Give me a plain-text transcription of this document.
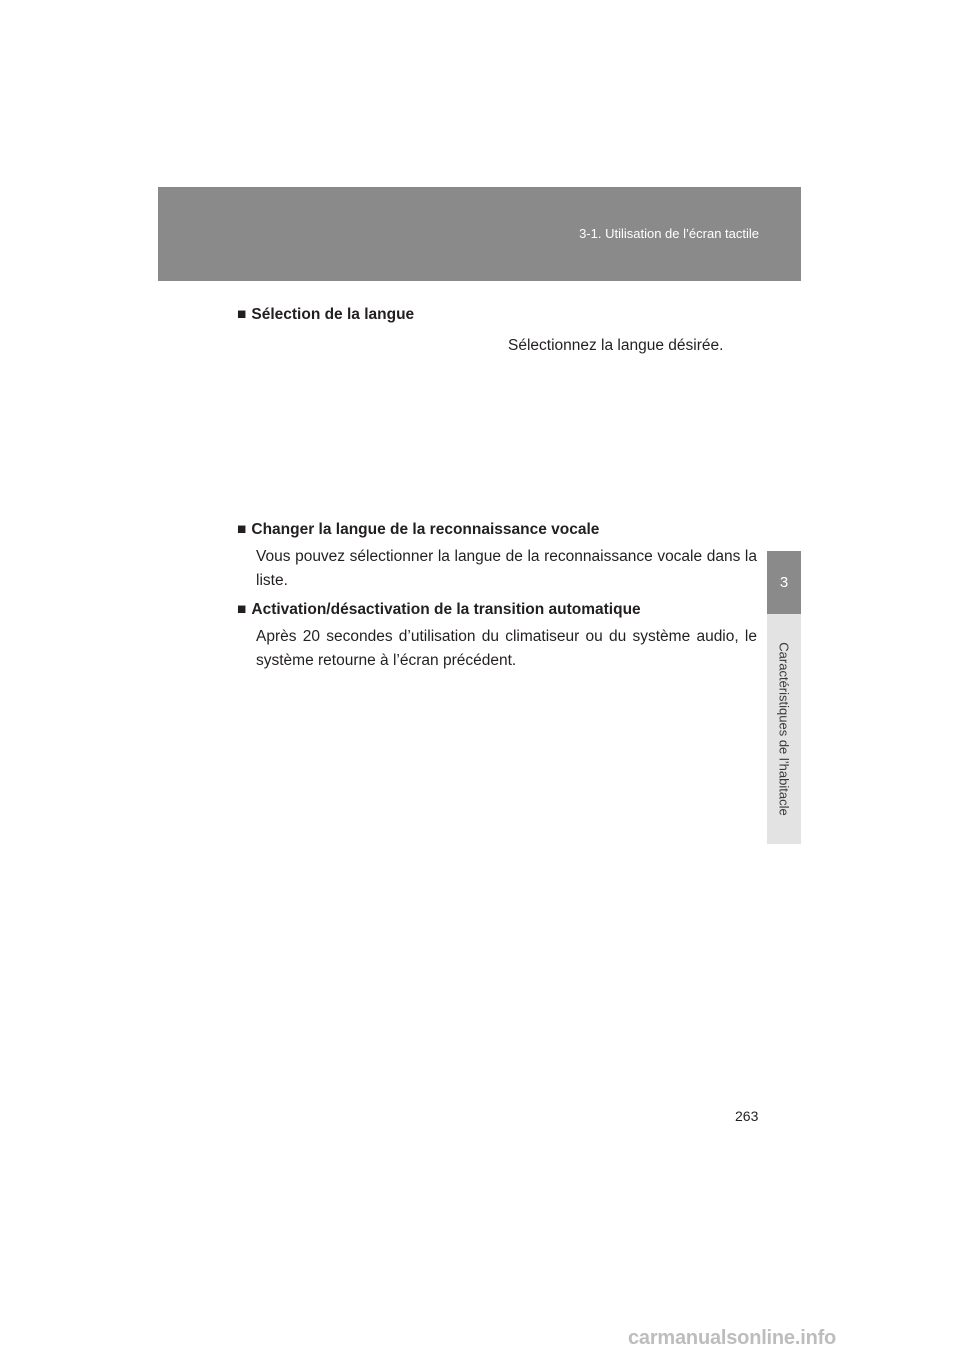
3-1. Utilisation de l’écran tactile
3
Caractéristiques de l’habitacle
■ Sélection de la langue
Sélectionnez la langue désirée.
■ Changer la langue de la reconnaissance vocale
Vous pouvez sélectionner la langue de la reconnaissance vocale dans la liste.
■ Activation/désactivation de la transition automatique
Après 20 secondes d’utilisation du climatiseur ou du système audio, le système retourne à l’écran précédent.
263
carmanualsonline.info
